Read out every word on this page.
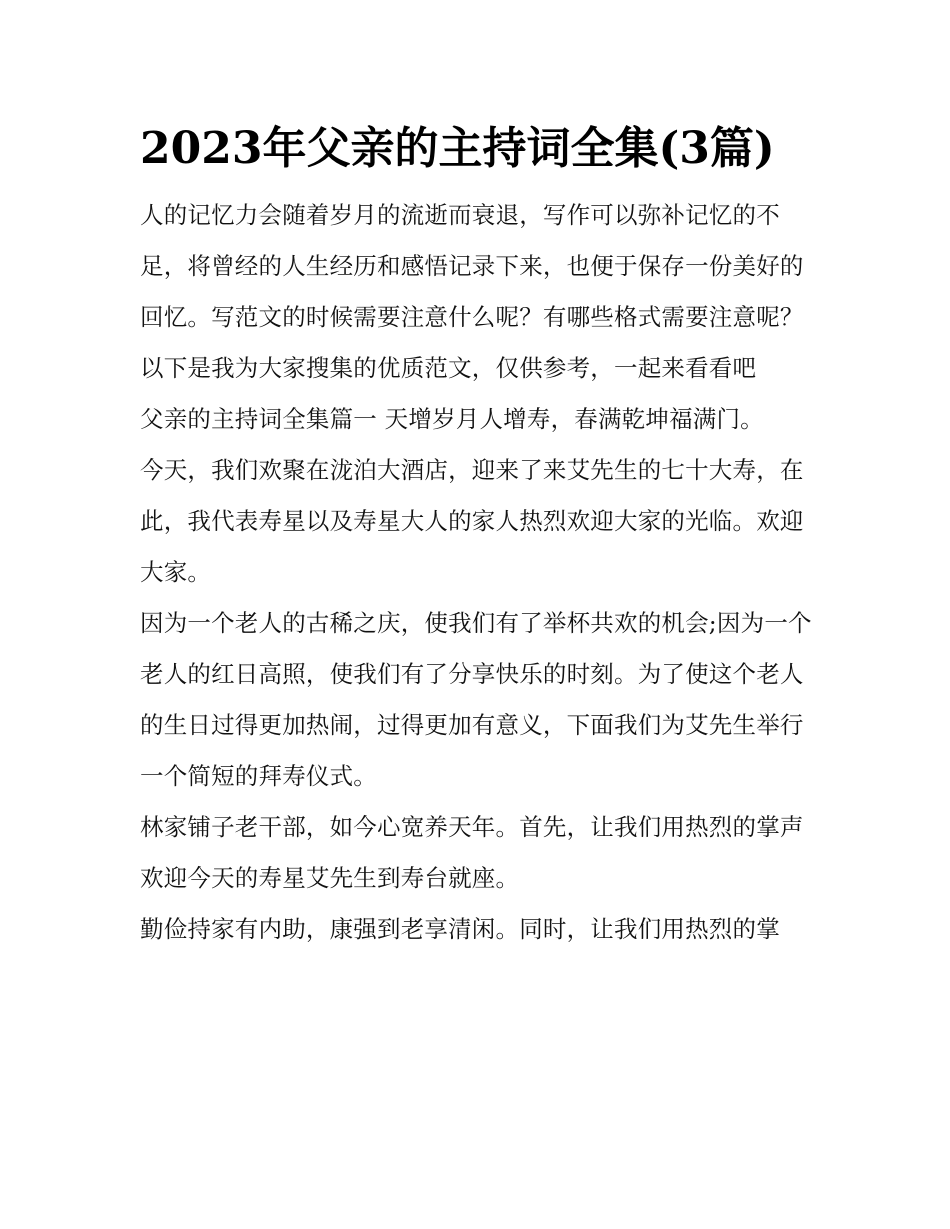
2023年父亲的主持词全集(3篇)

人的记忆力会随着岁月的流逝而衰退，写作可以弥补记忆的不足，将曾经的人生经历和感悟记录下来，也便于保存一份美好的回忆。写范文的时候需要注意什么呢？有哪些格式需要注意呢？以下是我为大家搜集的优质范文，仅供参考，一起来看看吧

父亲的主持词全集篇一 天增岁月人增寿，春满乾坤福满门。

今天，我们欢聚在泷泊大酒店，迎来了来艾先生的七十大寿，在此，我代表寿星以及寿星大人的家人热烈欢迎大家的光临。欢迎大家。

因为一个老人的古稀之庆，使我们有了举杯共欢的机会;因为一个老人的红日高照，使我们有了分享快乐的时刻。为了使这个老人的生日过得更加热闹，过得更加有意义，下面我们为艾先生举行一个简短的拜寿仪式。

林家铺子老干部，如今心宽养天年。首先，让我们用热烈的掌声欢迎今天的寿星艾先生到寿台就座。

勤俭持家有内助，康强到老享清闲。同时，让我们用热烈的掌
